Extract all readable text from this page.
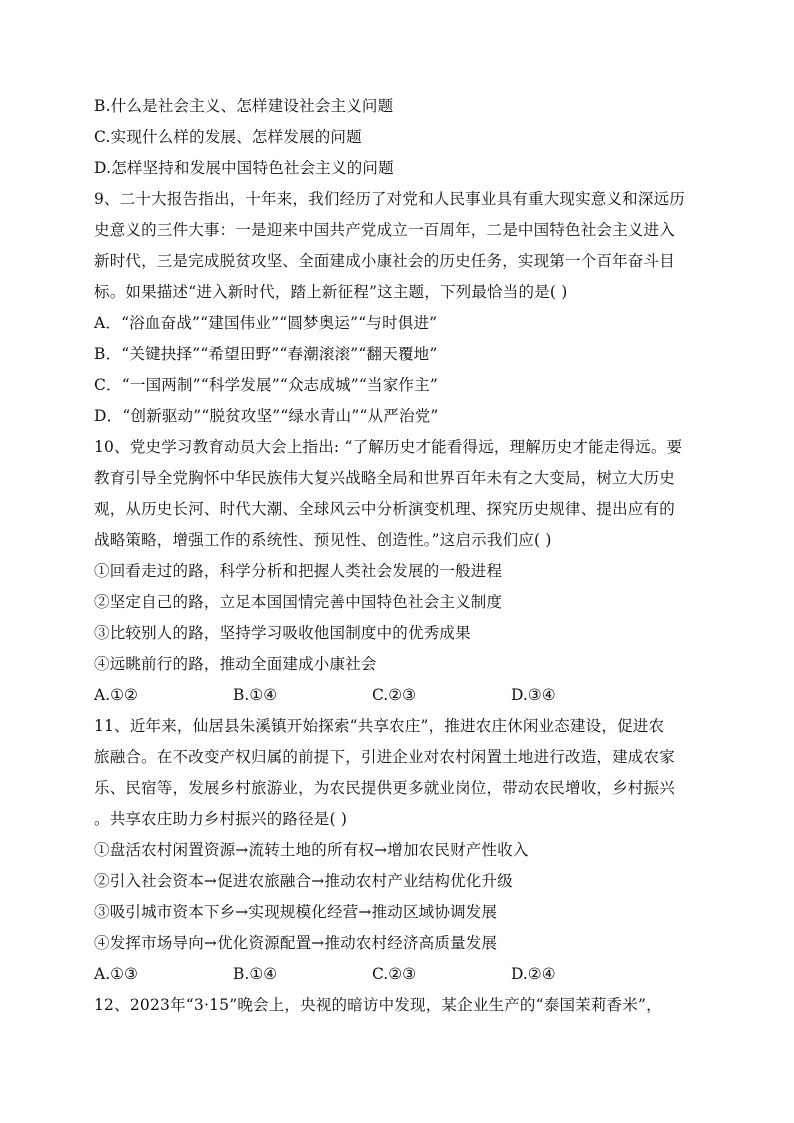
B.什么是社会主义、怎样建设社会主义问题
C.实现什么样的发展、怎样发展的问题
D.怎样坚持和发展中国特色社会主义的问题
9、二十大报告指出，十年来，我们经历了对党和人民事业具有重大现实意义和深远历
史意义的三件大事：一是迎来中国共产党成立一百周年，二是中国特色社会主义进入
新时代，三是完成脱贫攻坚、全面建成小康社会的历史任务，实现第一个百年奋斗目
标。如果描述“进入新时代，踏上新征程”这主题，下列最恰当的是( )
A．“浴血奋战”“建国伟业”“圆梦奥运”“与时俱进”
B．“关键抉择”“希望田野”“春潮滚滚”“翻天覆地”
C．“一国两制”“科学发展”“众志成城”“当家作主”
D．“创新驱动”“脱贫攻坚”“绿水青山”“从严治党”
10、党史学习教育动员大会上指出: “了解历史才能看得远，理解历史才能走得远。要
教育引导全党胸怀中华民族伟大复兴战略全局和世界百年未有之大变局，树立大历史
观，从历史长河、时代大潮、全球风云中分析演变机理、探究历史规律、提出应有的
战略策略，增强工作的系统性、预见性、创造性。”这启示我们应( )
①回看走过的路，科学分析和把握人类社会发展的一般进程
②坚定自己的路，立足本国国情完善中国特色社会主义制度
③比较别人的路，坚持学习吸收他国制度中的优秀成果
④远眺前行的路，推动全面建成小康社会
A.①②	B.①④	C.②③	D.③④
11、近年来，仙居县朱溪镇开始探索“共享农庄”，推进农庄休闲业态建设，促进农
旅融合。在不改变产权归属的前提下，引进企业对农村闲置土地进行改造，建成农家
乐、民宿等，发展乡村旅游业，为农民提供更多就业岗位，带动农民增收，乡村振兴
。共享农庄助力乡村振兴的路径是( )
①盘活农村闲置资源→流转土地的所有权→增加农民财产性收入
②引入社会资本→促进农旅融合→推动农村产业结构优化升级
③吸引城市资本下乡→实现规模化经营→推动区域协调发展
④发挥市场导向→优化资源配置→推动农村经济高质量发展
A.①③	B.①④	C.②③	D.②④
12、2023年“3·15”晚会上，央视的暗访中发现，某企业生产的“泰国茉莉香米”，
